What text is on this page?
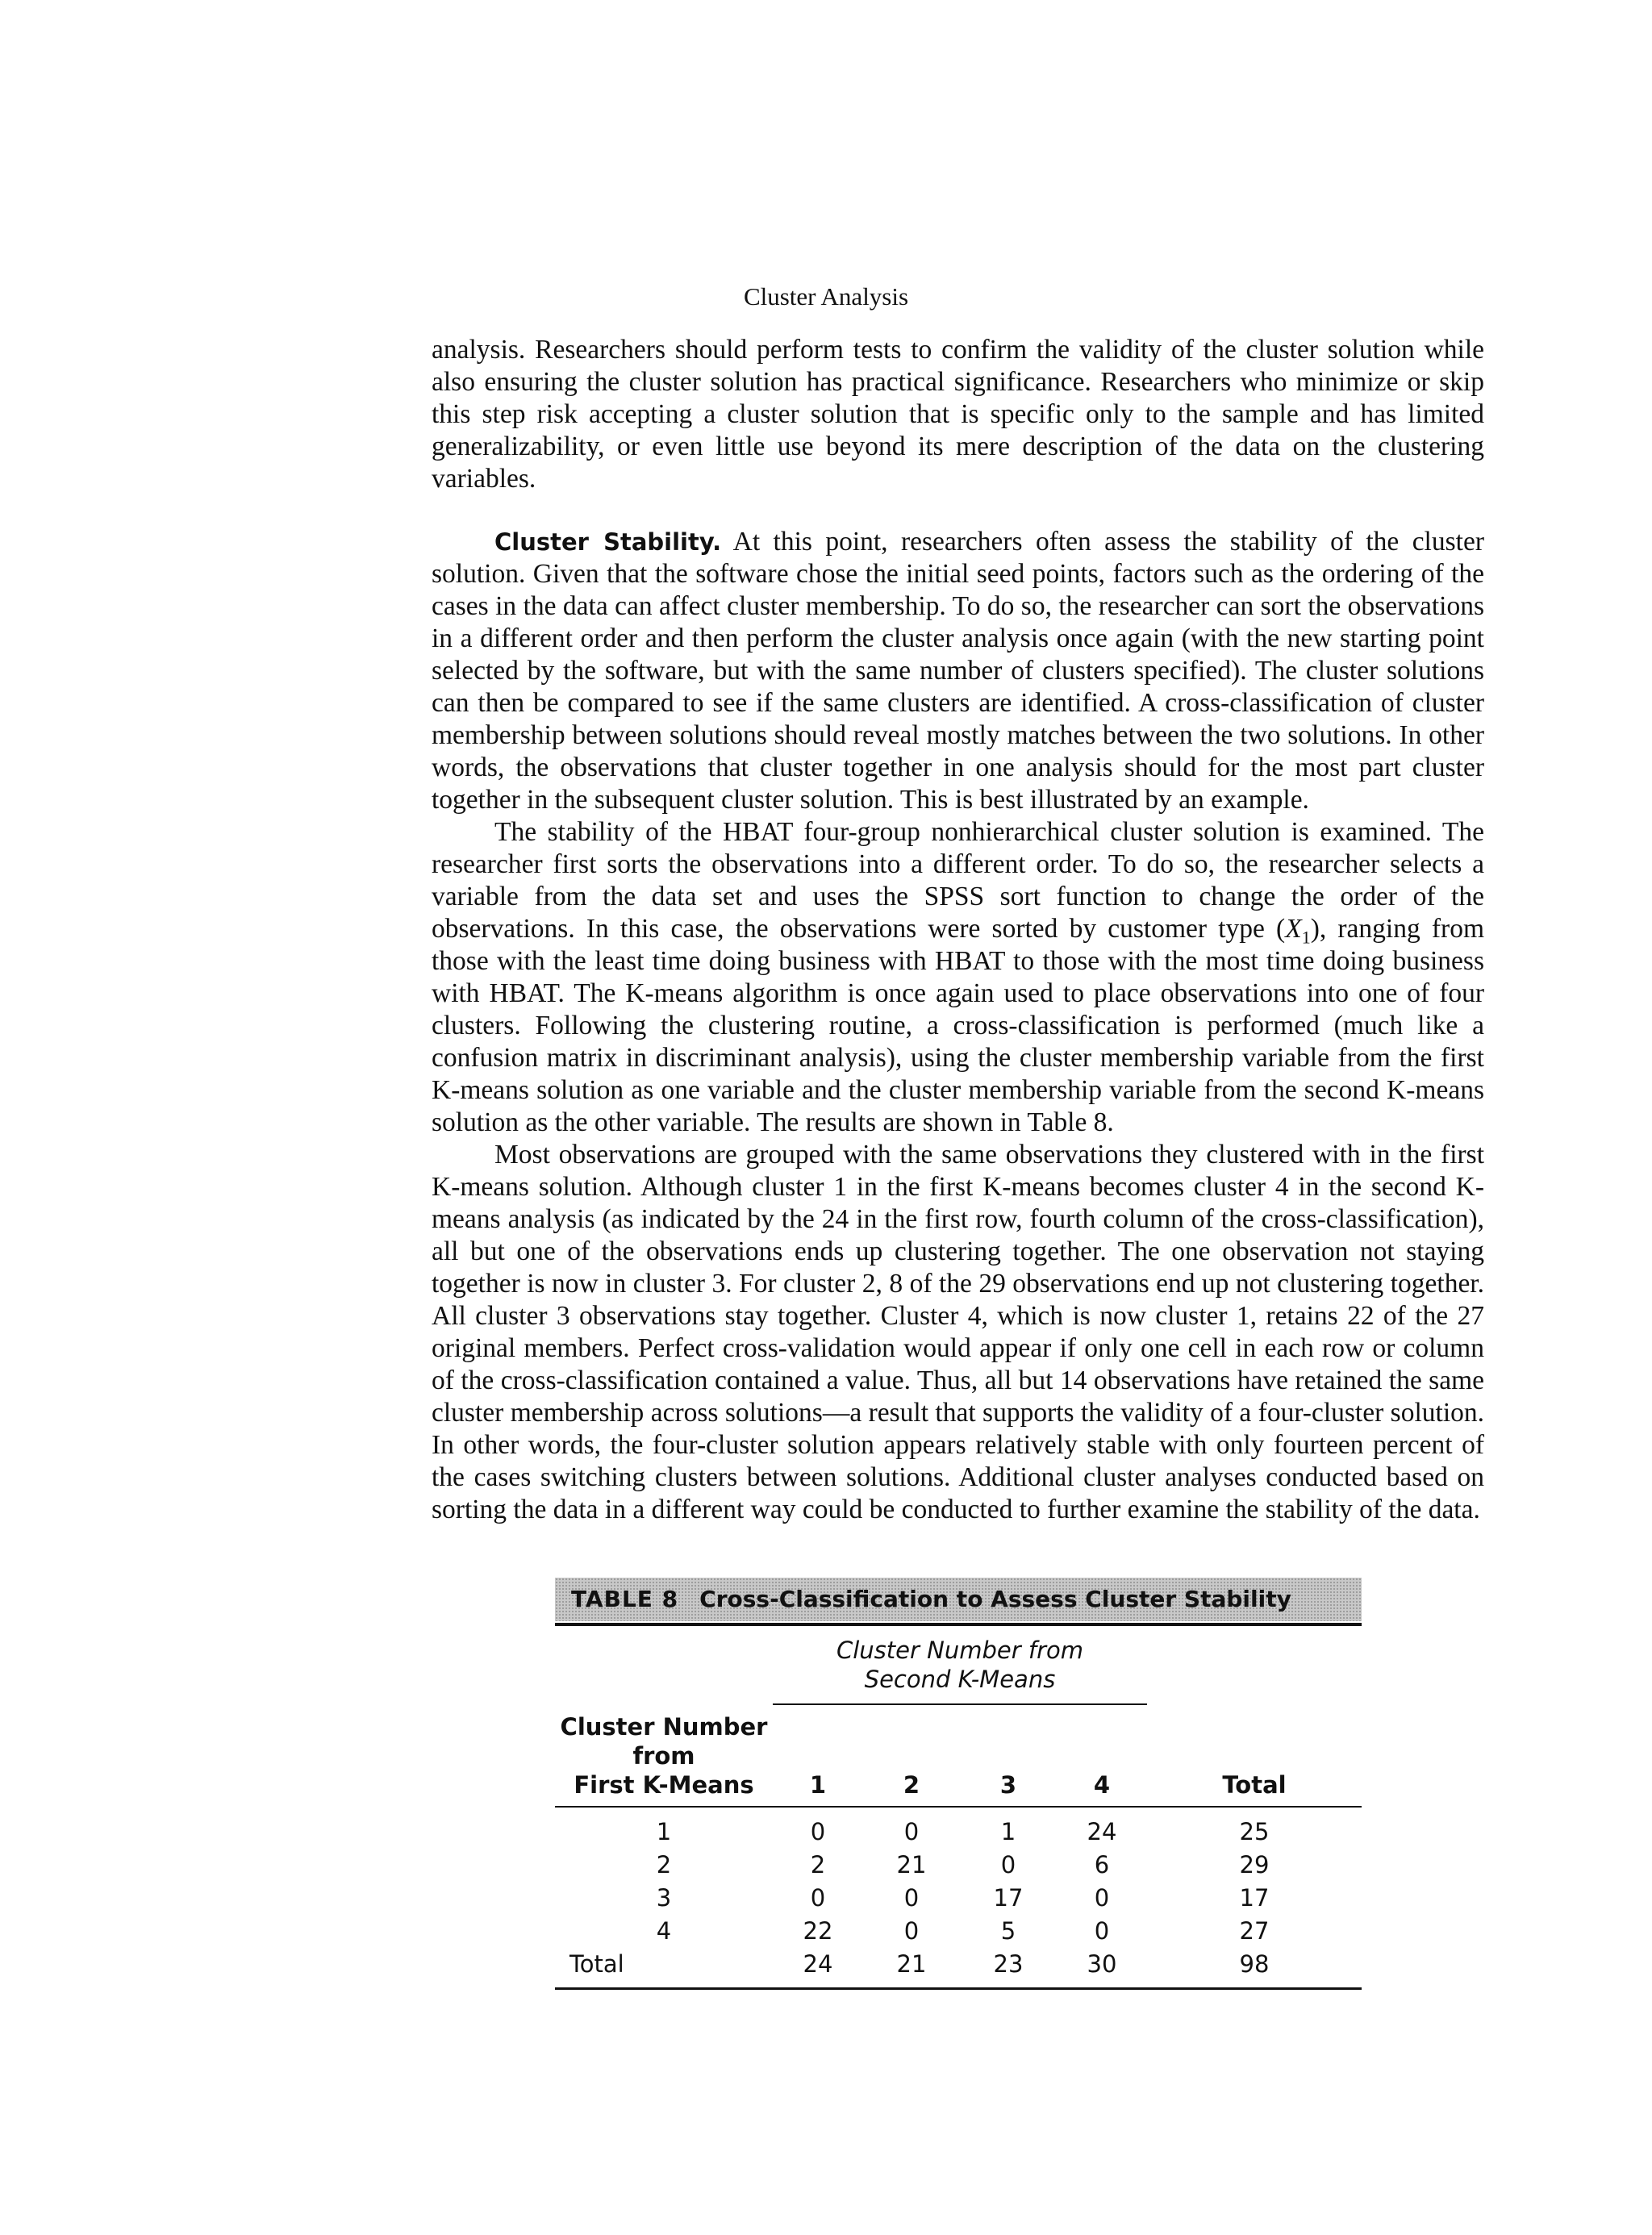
Cluster Analysis

analysis. Researchers should perform tests to confirm the validity of the cluster solution while also ensuring the cluster solution has practical significance. Researchers who minimize or skip this step risk accepting a cluster solution that is specific only to the sample and has limited generalizability, or even little use beyond its mere description of the data on the clustering variables.

Cluster Stability. At this point, researchers often assess the stability of the cluster solution. Given that the software chose the initial seed points, factors such as the ordering of the cases in the data can affect cluster membership. To do so, the researcher can sort the observations in a different order and then perform the cluster analysis once again (with the new starting point selected by the software, but with the same number of clusters specified). The cluster solutions can then be compared to see if the same clusters are identified. A cross-classification of cluster membership between solutions should reveal mostly matches between the two solutions. In other words, the observations that cluster together in one analysis should for the most part cluster together in the subsequent cluster solution. This is best illustrated by an example.

The stability of the HBAT four-group nonhierarchical cluster solution is examined. The researcher first sorts the observations into a different order. To do so, the researcher selects a variable from the data set and uses the SPSS sort function to change the order of the observations. In this case, the observations were sorted by customer type $(X_1)$, ranging from those with the least time doing business with HBAT to those with the most time doing business with HBAT. The K-means algorithm is once again used to place observations into one of four clusters. Following the clustering routine, a cross-classification is performed (much like a confusion matrix in discriminant analysis), using the cluster membership variable from the first K-means solution as one variable and the cluster membership variable from the second K-means solution as the other variable. The results are shown in Table 8.

Most observations are grouped with the same observations they clustered with in the first K-means solution. Although cluster 1 in the first K-means becomes cluster 4 in the second K-means analysis (as indicated by the 24 in the first row, fourth column of the cross-classification), all but one of the observations ends up clustering together. The one observation not staying together is now in cluster 3. For cluster 2, 8 of the 29 observations end up not clustering together. All cluster 3 observations stay together. Cluster 4, which is now cluster 1, retains 22 of the 27 original members. Perfect cross-validation would appear if only one cell in each row or column of the cross-classification contained a value. Thus, all but 14 observations have retained the same cluster membership across solutions—a result that supports the validity of a four-cluster solution. In other words, the four-cluster solution appears relatively stable with only fourteen percent of the cases switching clusters between solutions. Additional cluster analyses conducted based on sorting the data in a different way could be conducted to further examine the stability of the data.

TABLE 8 Cross-Classification to Assess Cluster Stability

	Cluster Number from
Second K-Means				

Cluster Number from
First K-Means	1	2	3	4	Total

1	0	0	1	24	25
2	2	21	0	6	29
3	0	0	17	0	17
4	22	0	5	0	27
Total	24	21	23	30	98
